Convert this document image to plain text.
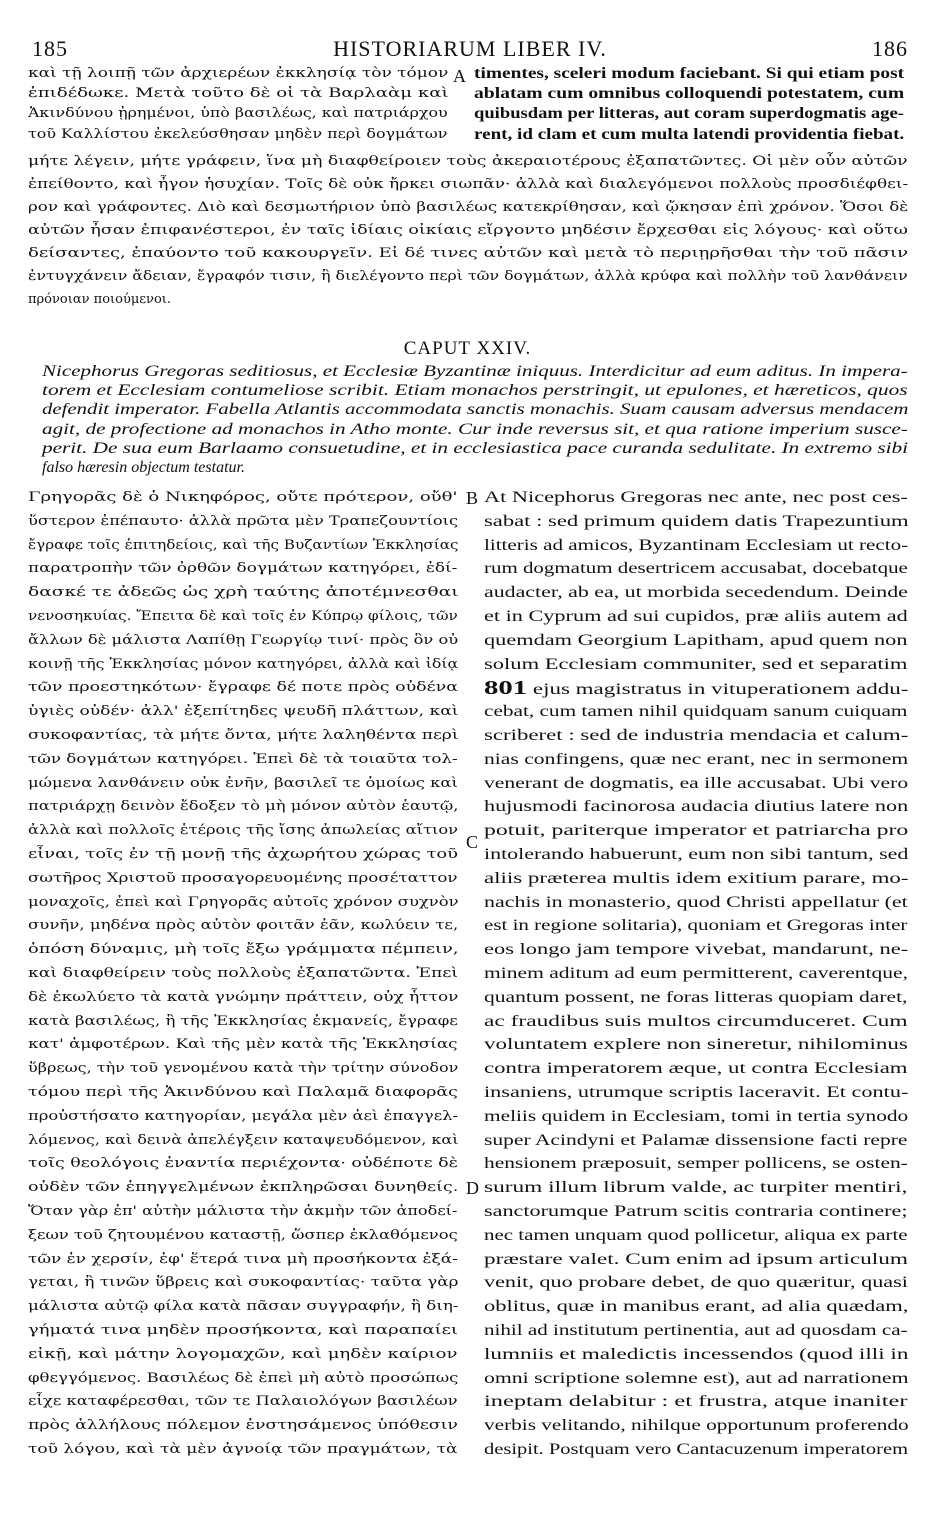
185	HISTORIARUM LIBER IV.	186
καὶ τῇ λοιπῇ τῶν ἀρχιερέων ἐκκλησίᾳ τὸν τόμον
ἐπιδέδωκε. Μετὰ τοῦτο δὲ οἱ τὰ Βαρλαὰμ καὶ
Ἀκινδύνου ᾑρημένοι, ὑπὸ βασιλέως, καὶ πατριάρχου
τοῦ Καλλίστου ἐκελεύσθησαν μηδὲν περὶ δογμάτων
timentes, sceleri modum faciebant. Si qui etiam post
ablatam cum omnibus colloquendi potestatem, cum
quibusdam per litteras, aut coram superdogmatis age-
rent, id clam et cum multa latendi providentia fiebat.
μήτε λέγειν, μήτε γράφειν, ἵνα μὴ διαφθείροιεν τοὺς ἀκεραιοτέρους ἐξαπατῶντες. Οἱ μὲν οὖν αὐτῶν
ἐπείθοντο, καὶ ἦγον ἡσυχίαν. Τοῖς δὲ οὐκ ἤρκει σιωπᾶν· ἀλλὰ καὶ διαλεγόμενοι πολλοὺς προσδιέφθει-
ρον καὶ γράφοντες. Διὸ καὶ δεσμωτήριον ὑπὸ βασιλέως κατεκρίθησαν, καὶ ᾤκησαν ἐπὶ χρόνον. Ὅσοι δὲ
αὐτῶν ἦσαν ἐπιφανέστεροι, ἐν ταῖς ἰδίαις οἰκίαις εἴργοντο μηδέσιν ἔρχεσθαι εἰς λόγους· καὶ οὕτω
δείσαντες, ἐπαύοντο τοῦ κακουργεῖν. Εἰ δέ τινες αὐτῶν καὶ μετὰ τὸ περιῃρῆσθαι τὴν τοῦ πᾶσιν
ἐντυγχάνειν ἄδειαν, ἔγραφόν τισιν, ἢ διελέγοντο περὶ τῶν δογμάτων, ἀλλὰ κρύφα καὶ πολλὴν τοῦ λανθάνειν
πρόνοιαν ποιούμενοι.
CAPUT XXIV.
Nicephorus Gregoras seditiosus, et Ecclesiæ Byzantinæ iniquus. Interdicitur ad eum aditus. In impera-
torem et Ecclesiam contumeliose scribit. Etiam monachos perstringit, ut epulones, et hæreticos, quos
defendit imperator. Fabella Atlantis accommodata sanctis monachis. Suam causam adversus mendacem
agit, de profectione ad monachos in Atho monte. Cur inde reversus sit, et qua ratione imperium susce-
perit. De sua eum Barlaamo consuetudine, et in ecclesiastica pace curanda sedulitate. In extremo sibi
falso hæresin objectum testatur.
Γρηγορᾶς δὲ ὁ Νικηφόρος, οὔτε πρότερον, οὔθ'
ὕστερον ἐπέπαυτο· ἀλλὰ πρῶτα μὲν Τραπεζουντίοις
ἔγραφε τοῖς ἐπιτηδείοις, καὶ τῆς Βυζαντίων Ἐκκλησίας
παρατροπὴν τῶν ὀρθῶν δογμάτων κατηγόρει, ἐδί-
δασκέ τε ἀδεῶς ὡς χρὴ ταύτης ἀποτέμνεσθαι
νενοσηκυίας. Ἔπειτα δὲ καὶ τοῖς ἐν Κύπρῳ φίλοις, τῶν
ἄλλων δὲ μάλιστα Λαπίθῃ Γεωργίῳ τινί· πρὸς ὃν οὐ
κοινῇ τῆς Ἐκκλησίας μόνον κατηγόρει, ἀλλὰ καὶ ἰδίᾳ
τῶν προεστηκότων· ἔγραφε δέ ποτε πρὸς οὐδένα
ὑγιὲς οὐδέν· ἀλλ' ἐξεπίτηδες ψευδῆ πλάττων, καὶ
συκοφαντίας, τὰ μήτε ὄντα, μήτε λαληθέντα περὶ
τῶν δογμάτων κατηγόρει. Ἐπεὶ δὲ τὰ τοιαῦτα τολ-
μώμενα λανθάνειν οὐκ ἐνῆν, βασιλεῖ τε ὁμοίως καὶ
πατριάρχῃ δεινὸν ἔδοξεν τὸ μὴ μόνον αὐτὸν ἑαυτῷ,
ἀλλὰ καὶ πολλοῖς ἑτέροις τῆς ἴσης ἀπωλείας αἴτιον
εἶναι, τοῖς ἐν τῇ μονῇ τῆς ἀχωρήτου χώρας τοῦ
σωτῆρος Χριστοῦ προσαγορευομένης προσέταττον
μοναχοῖς, ἐπεὶ καὶ Γρηγορᾶς αὐτοῖς χρόνον συχνὸν
συνῆν, μηδένα πρὸς αὐτὸν φοιτᾶν ἐᾶν, κωλύειν τε,
ὁπόση δύναμις, μὴ τοῖς ἔξω γράμματα πέμπειν,
καὶ διαφθείρειν τοὺς πολλοὺς ἐξαπατῶντα. Ἐπεὶ
δὲ ἐκωλύετο τὰ κατὰ γνώμην πράττειν, οὐχ ἧττον
κατὰ βασιλέως, ἢ τῆς Ἐκκλησίας ἐκμανείς, ἔγραφε
κατ' ἀμφοτέρων. Καὶ τῆς μὲν κατὰ τῆς Ἐκκλησίας
ὕβρεως, τὴν τοῦ γενομένου κατὰ τὴν τρίτην σύνοδον
τόμου περὶ τῆς Ἀκινδύνου καὶ Παλαμᾶ διαφορᾶς
προὐστήσατο κατηγορίαν, μεγάλα μὲν ἀεὶ ἐπαγγελ-
λόμενος, καὶ δεινὰ ἀπελέγξειν καταψευδόμενον, καὶ
τοῖς θεολόγοις ἐναντία περιέχοντα· οὐδέποτε δὲ
οὐδὲν τῶν ἐπηγγελμένων ἐκπληρῶσαι δυνηθείς.
Ὅταν γὰρ ἐπ' αὐτὴν μάλιστα τὴν ἀκμὴν τῶν ἀποδεί-
ξεων τοῦ ζητουμένου καταστῇ, ὥσπερ ἐκλαθόμενος
τῶν ἐν χερσίν, ἐφ' ἕτερά τινα μὴ προσήκοντα ἐξά-
γεται, ἢ τινῶν ὕβρεις καὶ συκοφαντίας· ταῦτα γὰρ
μάλιστα αὐτῷ φίλα κατὰ πᾶσαν συγγραφήν, ἢ διη-
γήματά τινα μηδὲν προσήκοντα, καὶ παραπαίει
εἰκῇ, καὶ μάτην λογομαχῶν, καὶ μηδὲν καίριον
φθεγγόμενος. Βασιλέως δὲ ἐπεὶ μὴ αὐτὸ προσώπως
εἶχε καταφέρεσθαι, τῶν τε Παλαιολόγων βασιλέων
πρὸς ἀλλήλους πόλεμον ἐνστησάμενος ὑπόθεσιν
τοῦ λόγου, καὶ τὰ μὲν ἀγνοίᾳ τῶν πραγμάτων, τὰ
At Nicephorus Gregoras nec ante, nec post ces-
sabat : sed primum quidem datis Trapezuntium
litteris ad amicos, Byzantinam Ecclesiam ut recto-
rum dogmatum desertricem accusabat, docebatque
audacter, ab ea, ut morbida secedendum. Deinde
et in Cyprum ad sui cupidos, præ aliis autem ad
quemdam Georgium Lapitham, apud quem non
solum Ecclesiam communiter, sed et separatim
801 ejus magistratus in vituperationem addu-
cebat, cum tamen nihil quidquam sanum cuiquam
scriberet : sed de industria mendacia et calum-
nias confingens, quæ nec erant, nec in sermonem
venerant de dogmatis, ea ille accusabat. Ubi vero
hujusmodi facinorosa audacia diutius latere non
potuit, pariterque imperator et patriarcha pro
intolerando habuerunt, eum non sibi tantum, sed
aliis præterea multis idem exitium parare, mo-
nachis in monasterio, quod Christi appellatur (et
est in regione solitaria), quoniam et Gregoras inter
eos longo jam tempore vivebat, mandarunt, ne-
minem aditum ad eum permitterent, caverentque,
quantum possent, ne foras litteras quopiam daret,
ac fraudibus suis multos circumduceret. Cum
voluntatem explere non sineretur, nihilominus
contra imperatorem æque, ut contra Ecclesiam
insaniens, utrumque scriptis laceravit. Et contu-
meliis quidem in Ecclesiam, tomi in tertia synodo
super Acindyni et Palamæ dissensione facti repre
hensionem præposuit, semper pollicens, se osten-
surum illum librum valde, ac turpiter mentiri,
sanctorumque Patrum scitis contraria continere;
nec tamen unquam quod pollicetur, aliqua ex parte
præstare valet. Cum enim ad ipsum articulum
venit, quo probare debet, de quo quæritur, quasi
oblitus, quæ in manibus erant, ad alia quædam,
nihil ad institutum pertinentia, aut ad quosdam ca-
lumniis et maledictis incessendos (quod illi in
omni scriptione solemne est), aut ad narrationem
ineptam delabitur : et frustra, atque inaniter
verbis velitando, nihilque opportunum proferendo
desipit. Postquam vero Cantacuzenum imperatorem
A
B
C
D
